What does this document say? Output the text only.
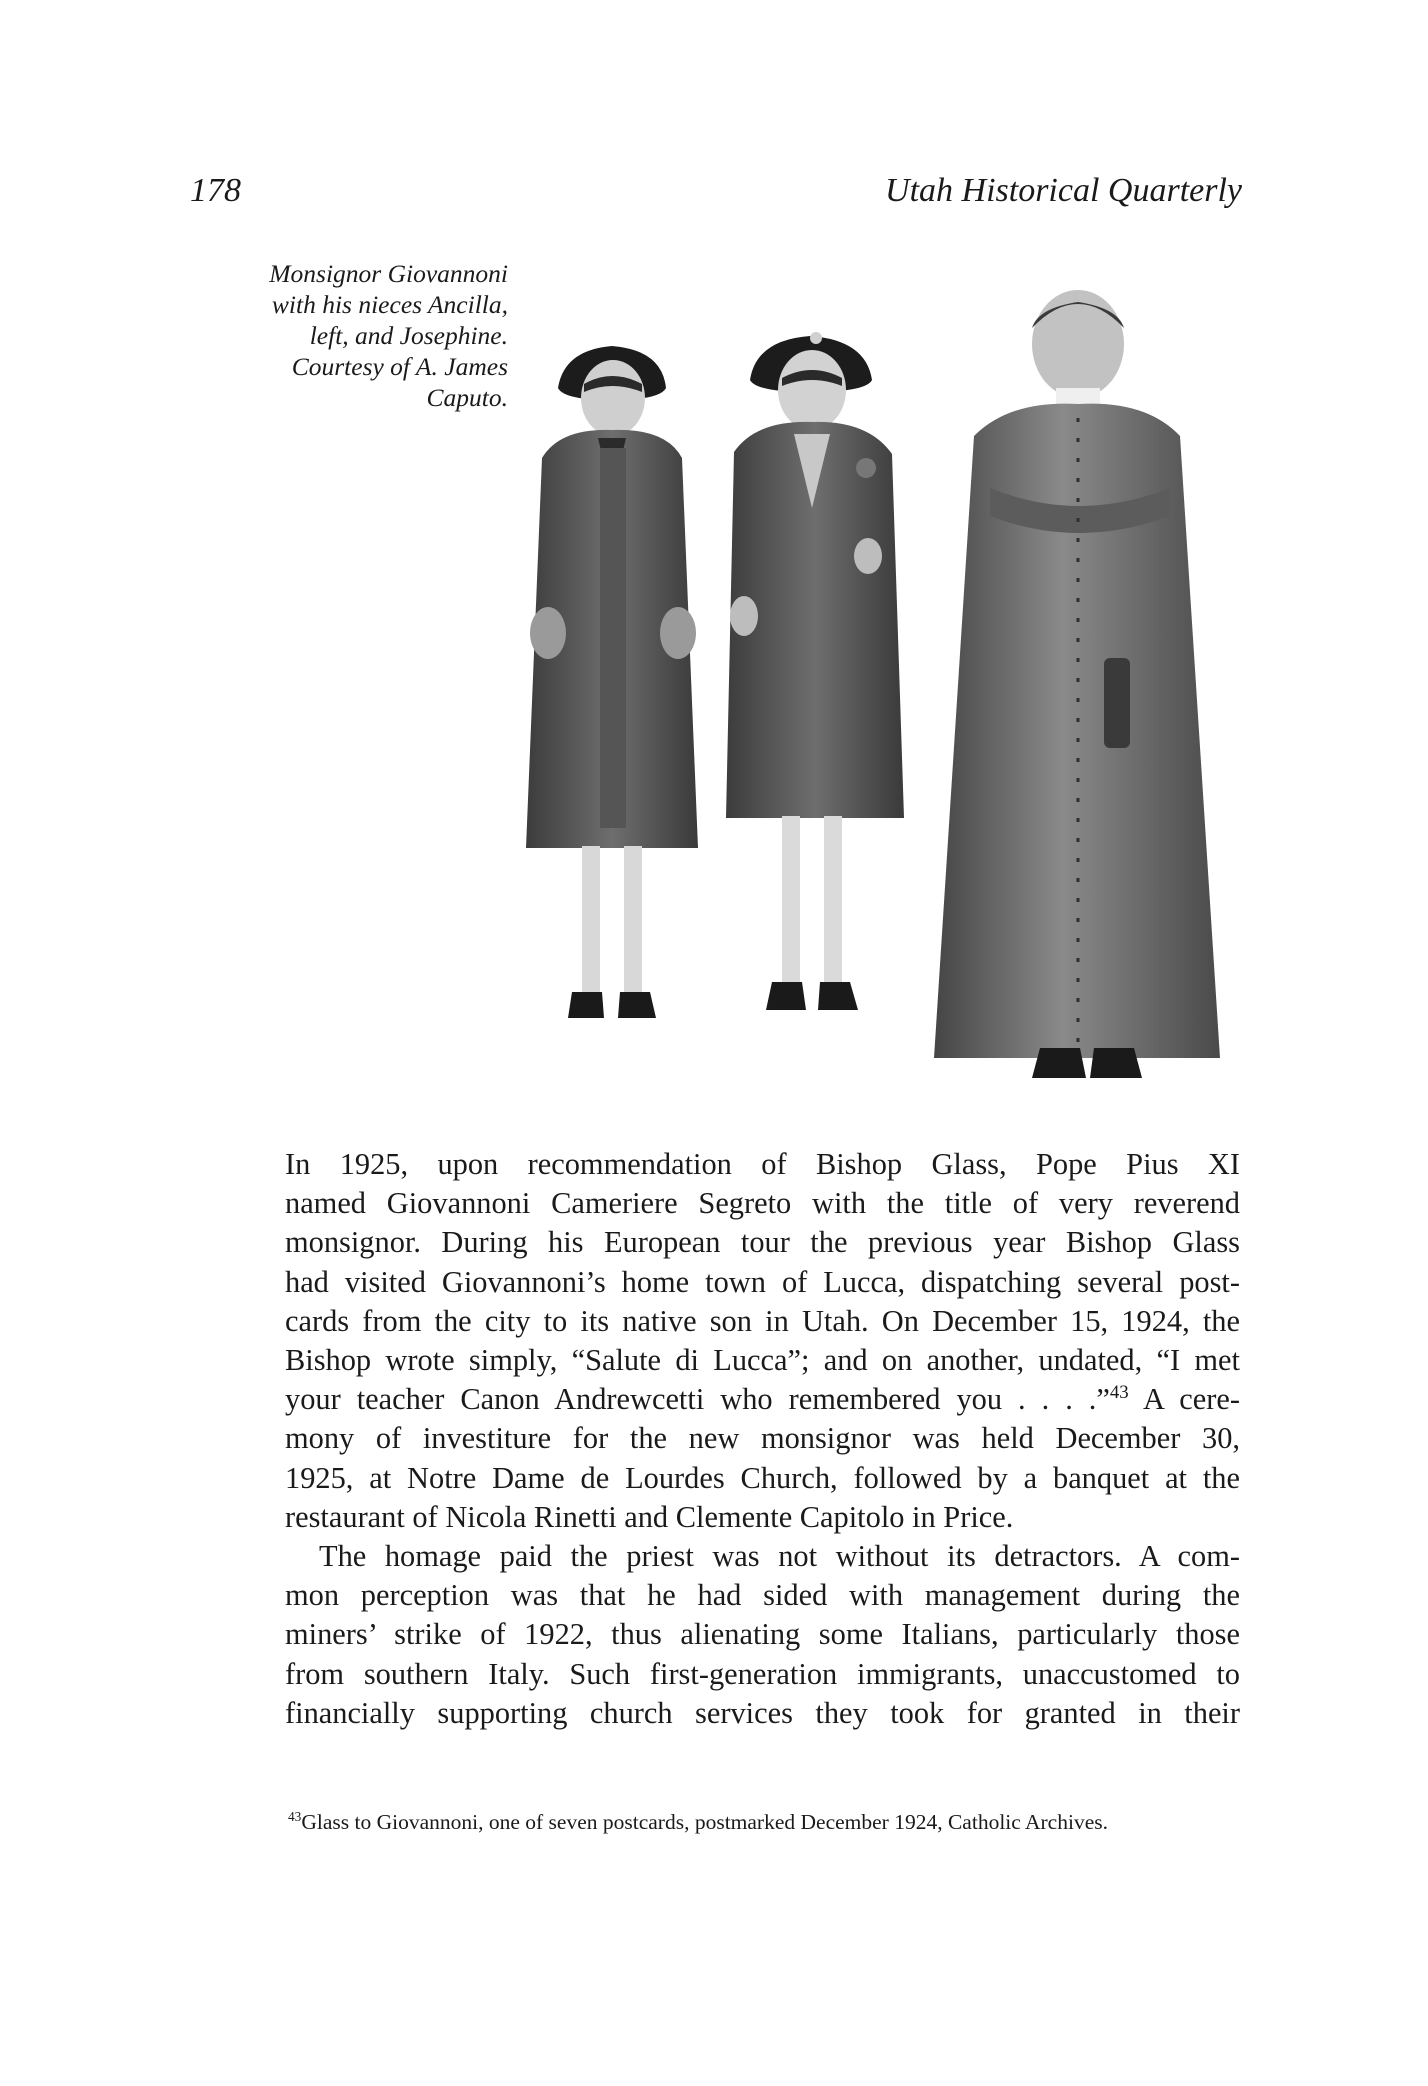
178	Utah Historical Quarterly
Monsignor Giovannoni
with his nieces Ancilla,
left, and Josephine.
Courtesy of A. James
Caputo.
In 1925, upon recommendation of Bishop Glass, Pope Pius XI
named Giovannoni Cameriere Segreto with the title of very reverend
monsignor. During his European tour the previous year Bishop Glass
had visited Giovannoni’s home town of Lucca, dispatching several post-
cards from the city to its native son in Utah. On December 15, 1924, the
Bishop wrote simply, “Salute di Lucca”; and on another, undated, “I met
your teacher Canon Andrewcetti who remembered you . . . .”$^{43}$ A cere-
mony of investiture for the new monsignor was held December 30,
1925, at Notre Dame de Lourdes Church, followed by a banquet at the
restaurant of Nicola Rinetti and Clemente Capitolo in Price.
The homage paid the priest was not without its detractors. A com-
mon perception was that he had sided with management during the
miners’ strike of 1922, thus alienating some Italians, particularly those
from southern Italy. Such first-generation immigrants, unaccustomed to
financially supporting church services they took for granted in their
$^{43}$Glass to Giovannoni, one of seven postcards, postmarked December 1924, Catholic Archives.
